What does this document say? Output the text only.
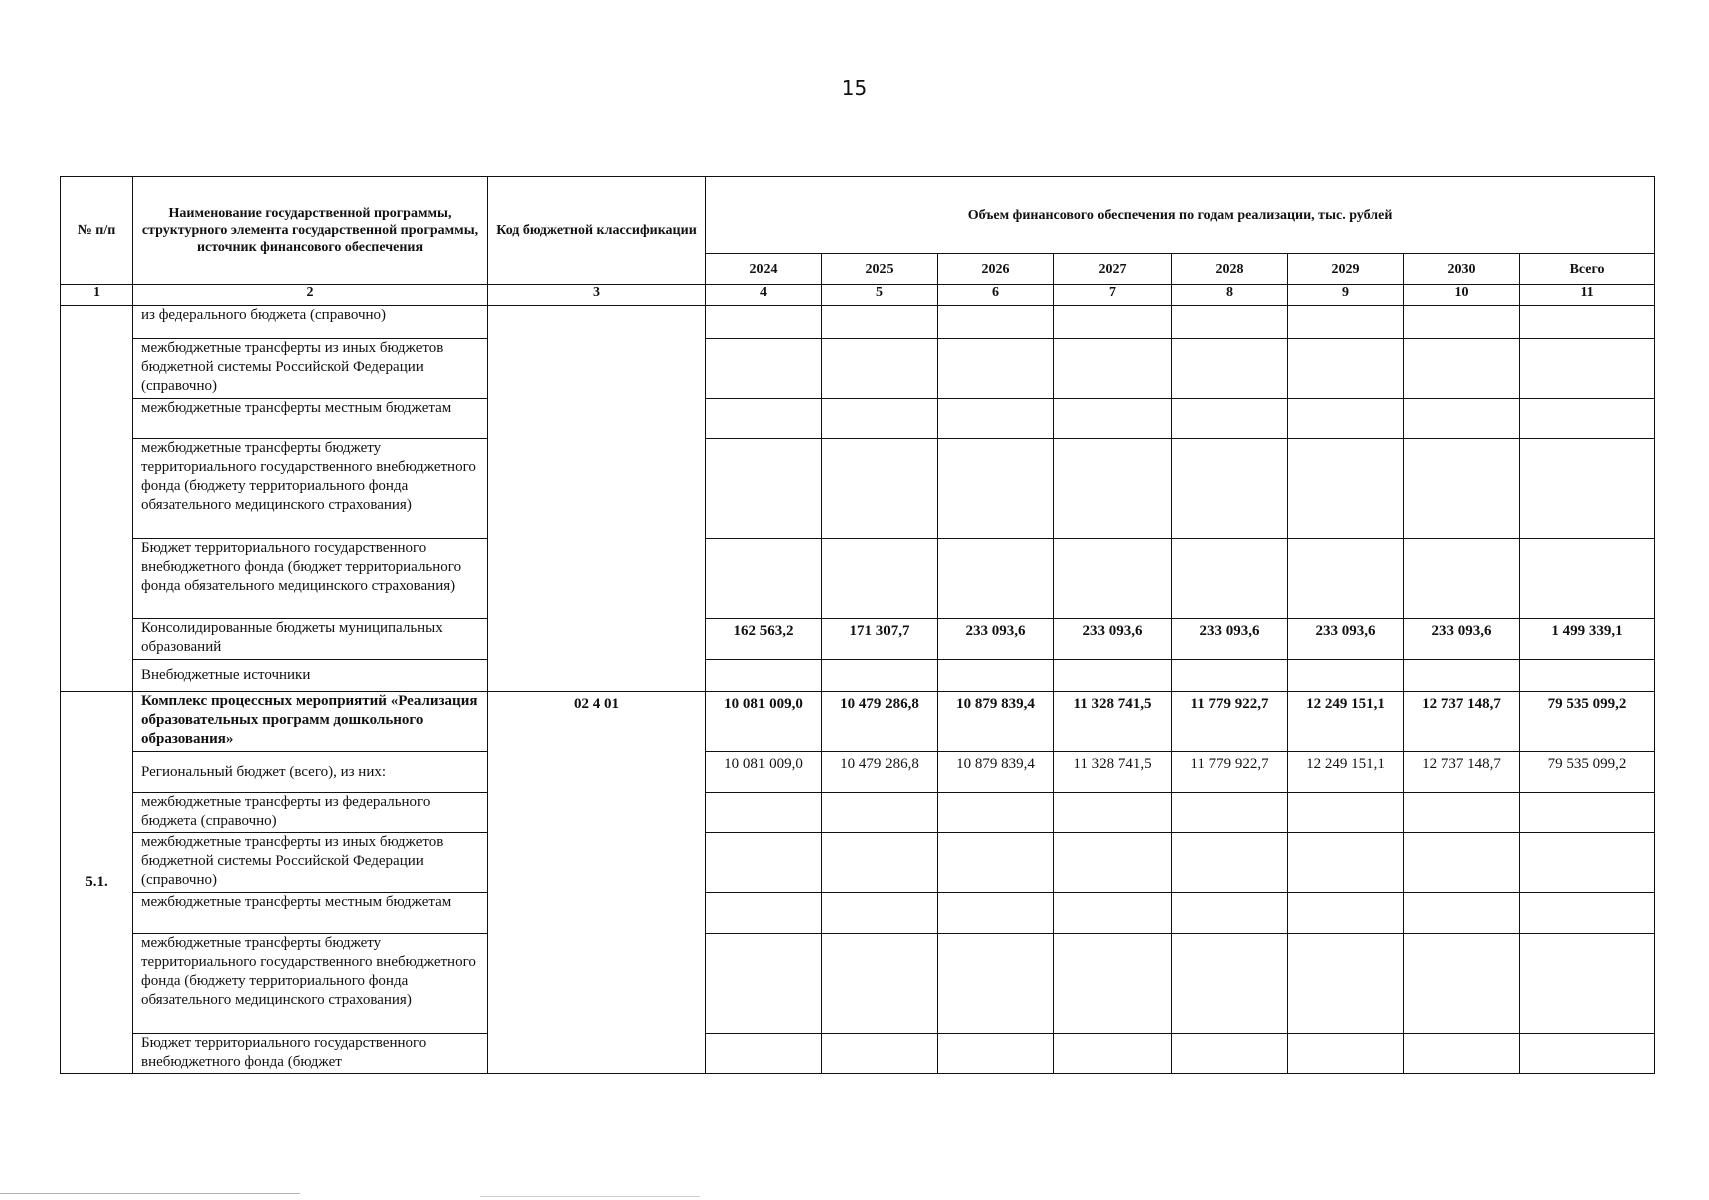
15
№ п/п	Наименование государственной программы, структурного элемента государственной программы, источник финансового обеспечения	Код бюджетной классификации	Объем финансового обеспечения по годам реализации, тыс. рублей							
			2024	2025	2026	2027	2028	2029	2030	Всего
1	2	3	4	5	6	7	8	9	10	11
	из федерального бюджета (справочно)									
	межбюджетные трансферты из иных бюджетов бюджетной системы Российской Федерации (справочно)									
	межбюджетные трансферты местным бюджетам									
	межбюджетные трансферты бюджету территориального государственного внебюджетного фонда (бюджету территориального фонда обязательного медицинского страхования)									
	Бюджет территориального государственного внебюджетного фонда (бюджет территориального фонда обязательного медицинского страхования)									
	Консолидированные бюджеты муниципальных образований		162 563,2	171 307,7	233 093,6	233 093,6	233 093,6	233 093,6	233 093,6	1 499 339,1
	Внебюджетные источники									
5.1.	Комплекс процессных мероприятий «Реализация образовательных программ дошкольного образования»	02 4 01	10 081 009,0	10 479 286,8	10 879 839,4	11 328 741,5	11 779 922,7	12 249 151,1	12 737 148,7	79 535 099,2
	Региональный бюджет (всего), из них:		10 081 009,0	10 479 286,8	10 879 839,4	11 328 741,5	11 779 922,7	12 249 151,1	12 737 148,7	79 535 099,2
	межбюджетные трансферты из федерального бюджета (справочно)									
	межбюджетные трансферты из иных бюджетов бюджетной системы Российской Федерации (справочно)									
	межбюджетные трансферты местным бюджетам									
	межбюджетные трансферты бюджету территориального государственного внебюджетного фонда (бюджету территориального фонда обязательного медицинского страхования)									
	Бюджет территориального государственного внебюджетного фонда (бюджет									
